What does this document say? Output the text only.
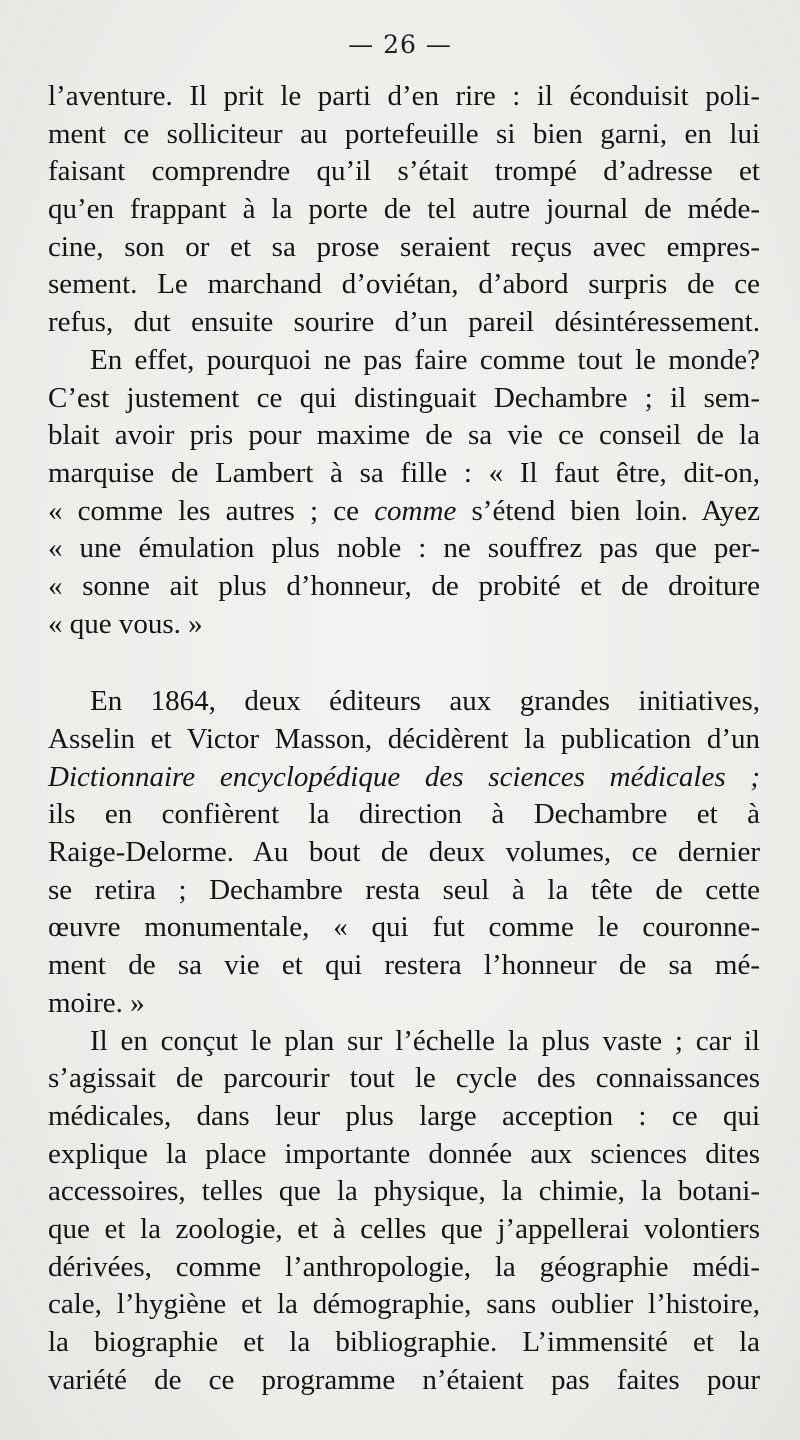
— 26 —
l’aventure. Il prit le parti d’en rire : il éconduisit poli-
ment ce solliciteur au portefeuille si bien garni, en lui
faisant comprendre qu’il s’était trompé d’adresse et
qu’en frappant à la porte de tel autre journal de méde-
cine, son or et sa prose seraient reçus avec empres-
sement. Le marchand d’oviétan, d’abord surpris de ce
refus, dut ensuite sourire d’un pareil désintéressement.
En effet, pourquoi ne pas faire comme tout le monde?
C’est justement ce qui distinguait Dechambre ; il sem-
blait avoir pris pour maxime de sa vie ce conseil de la
marquise de Lambert à sa fille : « Il faut être, dit-on,
« comme les autres ; ce comme s’étend bien loin. Ayez
« une émulation plus noble : ne souffrez pas que per-
« sonne ait plus d’honneur, de probité et de droiture
« que vous. »
En 1864, deux éditeurs aux grandes initiatives,
Asselin et Victor Masson, décidèrent la publication d’un
Dictionnaire encyclopédique des sciences médicales ;
ils en confièrent la direction à Dechambre et à
Raige-Delorme. Au bout de deux volumes, ce dernier
se retira ; Dechambre resta seul à la tête de cette
œuvre monumentale, « qui fut comme le couronne-
ment de sa vie et qui restera l’honneur de sa mé-
moire. »
Il en conçut le plan sur l’échelle la plus vaste ; car il
s’agissait de parcourir tout le cycle des connaissances
médicales, dans leur plus large acception : ce qui
explique la place importante donnée aux sciences dites
accessoires, telles que la physique, la chimie, la botani-
que et la zoologie, et à celles que j’appellerai volontiers
dérivées, comme l’anthropologie, la géographie médi-
cale, l’hygiène et la démographie, sans oublier l’histoire,
la biographie et la bibliographie. L’immensité et la
variété de ce programme n’étaient pas faites pour
